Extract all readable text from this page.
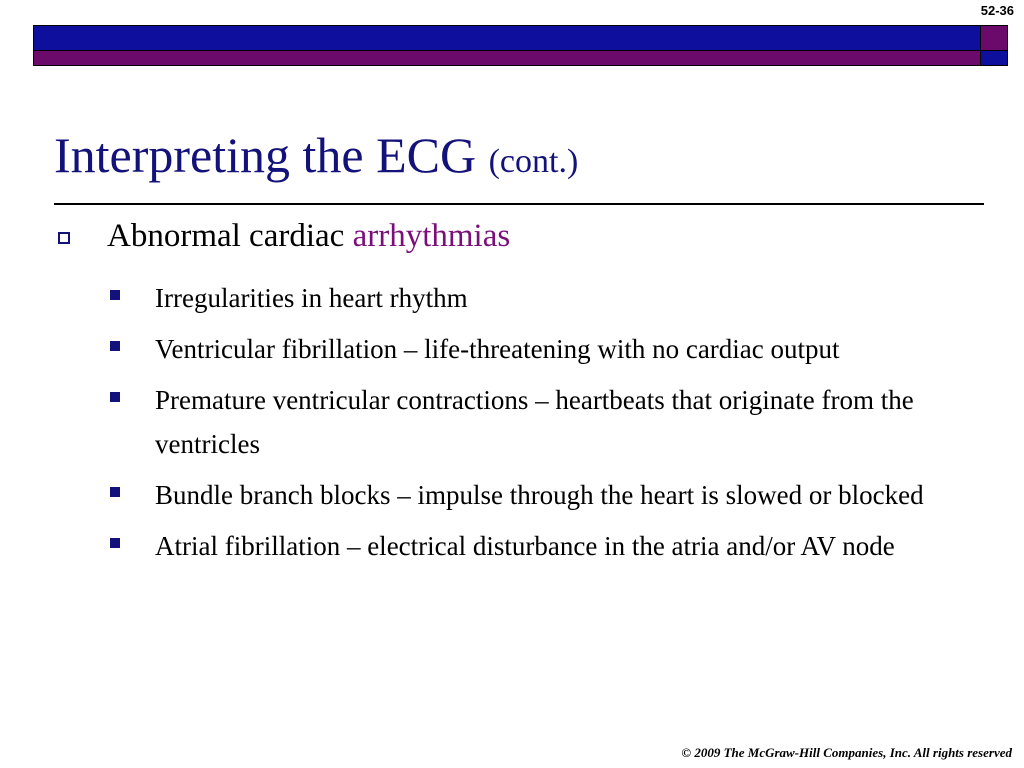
52-36
Interpreting the ECG (cont.)
Abnormal cardiac arrhythmias
Irregularities in heart rhythm
Ventricular fibrillation – life-threatening with no cardiac output
Premature ventricular contractions – heartbeats that originate from the ventricles
Bundle branch blocks – impulse through the heart is slowed or blocked
Atrial fibrillation – electrical disturbance in the atria and/or AV node
© 2009 The McGraw-Hill Companies, Inc. All rights reserved
